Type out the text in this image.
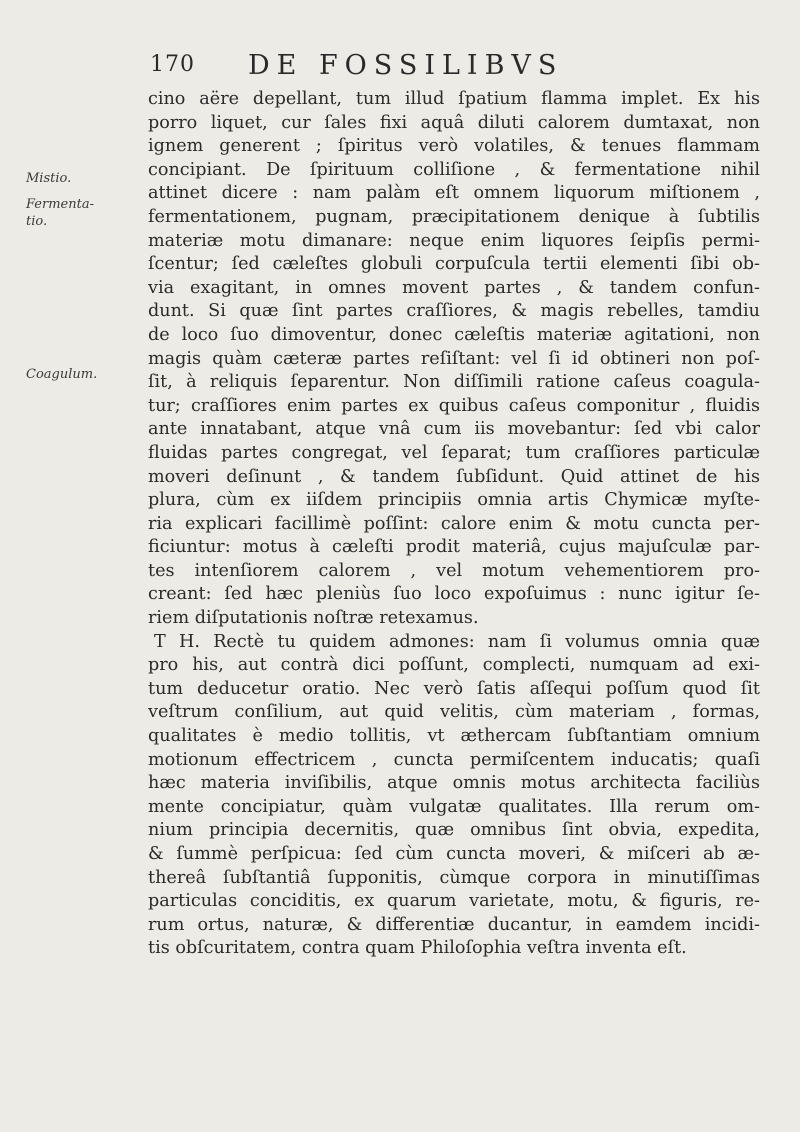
170 DE FOSSILIBVS
Mistio.
Fermenta-
tio.
Coagulum.
cino aëre depellant, tum illud ſpatium flamma implet. Ex his
porro liquet, cur ſales fixi aquâ diluti calorem dumtaxat, non
ignem generent ; ſpiritus verò volatiles, & tenues flammam
concipiant. De ſpirituum colliſione , & fermentatione nihil
attinet dicere : nam palàm eſt omnem liquorum miſtionem ,
fermentationem, pugnam, præcipitationem denique à ſubtilis
materiæ motu dimanare: neque enim liquores ſeipſis permi-
ſcentur; ſed cæleſtes globuli corpuſcula tertii elementi ſibi ob-
via exagitant, in omnes movent partes , & tandem confun-
dunt. Si quæ ſint partes craſſiores, & magis rebelles, tamdiu
de loco ſuo dimoventur, donec cæleſtis materiæ agitationi, non
magis quàm cæteræ partes reſiſtant: vel ſi id obtineri non poſ-
ſit, à reliquis ſeparentur. Non diſſimili ratione caſeus coagula-
tur; craſſiores enim partes ex quibus caſeus componitur , fluidis
ante innatabant, atque vnâ cum iis movebantur: ſed vbi calor
fluidas partes congregat, vel ſeparat; tum craſſiores particulæ
moveri deſinunt , & tandem ſubſidunt. Quid attinet de his
plura, cùm ex iiſdem principiis omnia artis Chymicæ myſte-
ria explicari facillimè poſſint: calore enim & motu cuncta per-
ficiuntur: motus à cæleſti prodit materiâ, cujus majuſculæ par-
tes intenſiorem calorem , vel motum vehementiorem pro-
creant: ſed hæc pleniùs ſuo loco expoſuimus : nunc igitur ſe-
riem diſputationis noſtræ retexamus.
T H. Rectè tu quidem admones: nam ſi volumus omnia quæ
pro his, aut contrà dici poſſunt, complecti, numquam ad exi-
tum deducetur oratio. Nec verò ſatis aſſequi poſſum quod ſit
veſtrum conſilium, aut quid velitis, cùm materiam , formas,
qualitates è medio tollitis, vt æthercam ſubſtantiam omnium
motionum effectricem , cuncta permiſcentem inducatis; quaſi
hæc materia inviſibilis, atque omnis motus architecta faciliùs
mente concipiatur, quàm vulgatæ qualitates. Illa rerum om-
nium principia decernitis, quæ omnibus ſint obvia, expedita,
& ſummè perſpicua: ſed cùm cuncta moveri, & miſceri ab æ-
thereâ ſubſtantiâ ſupponitis, cùmque corpora in minutiſſimas
particulas conciditis, ex quarum varietate, motu, & figuris, re-
rum ortus, naturæ, & differentiæ ducantur, in eamdem incidi-
tis obſcuritatem, contra quam Philoſophia veſtra inventa eſt.
